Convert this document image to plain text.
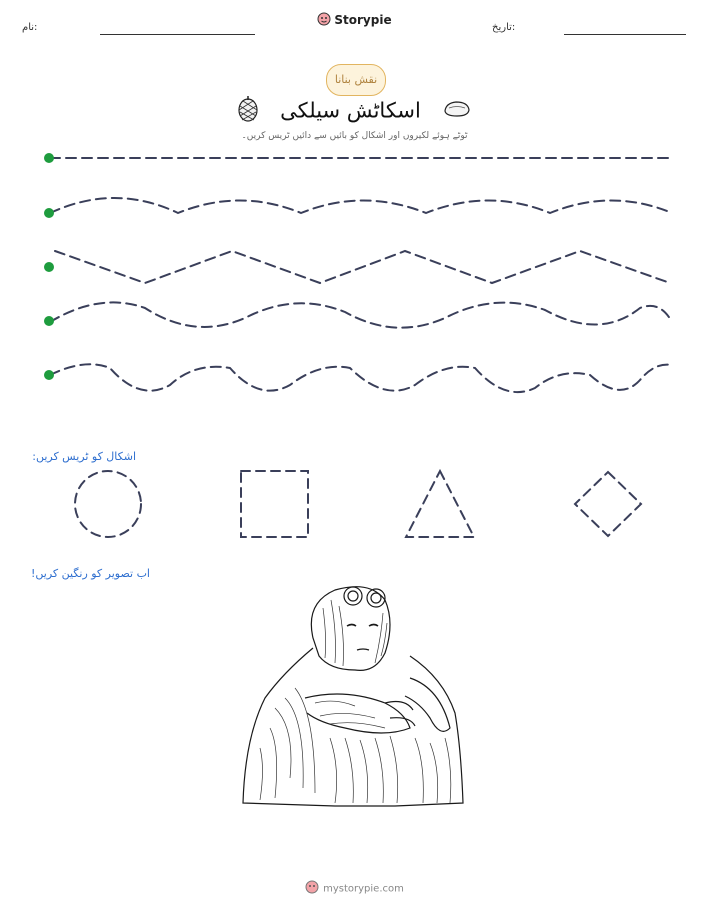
نام:
Storypie
تاریخ:
نقش بنانا
اسکاٹش سیلکی
ٹوٹے ہوئے لکیروں اور اشکال کو بائیں سے دائیں ٹریس کریں۔
اشکال کو ٹریس کریں:
اب تصویر کو رنگین کریں!
mystorypie.com
